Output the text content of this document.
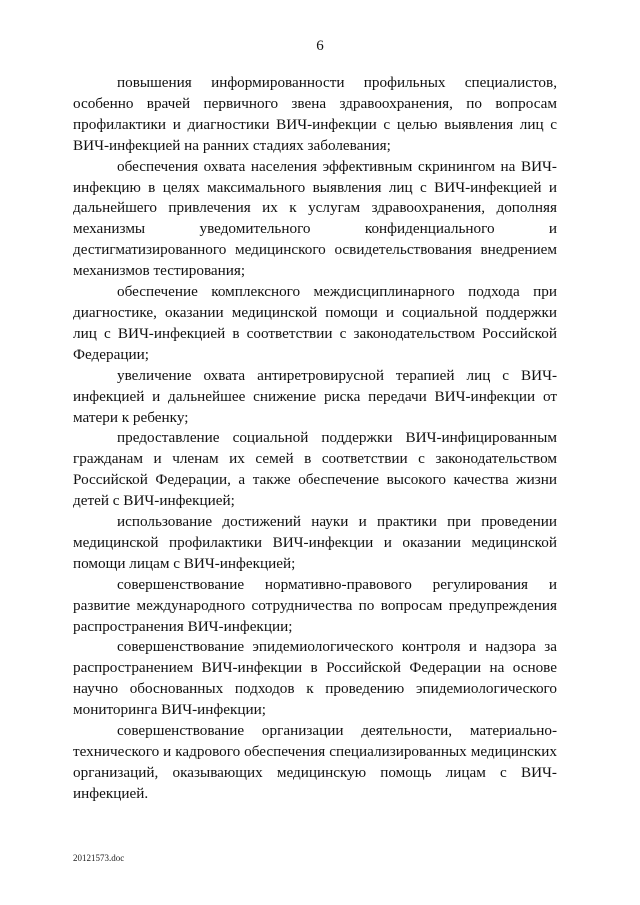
6

повышения информированности профильных специалистов, особенно врачей первичного звена здравоохранения, по вопросам профилактики и диагностики ВИЧ-инфекции с целью выявления лиц с ВИЧ-инфекцией на ранних стадиях заболевания;

обеспечения охвата населения эффективным скринингом на ВИЧ-инфекцию в целях максимального выявления лиц с ВИЧ-инфекцией и дальнейшего привлечения их к услугам здравоохранения, дополняя механизмы уведомительного конфиденциального и дестигматизированного медицинского освидетельствования внедрением механизмов тестирования;

обеспечение комплексного междисциплинарного подхода при диагностике, оказании медицинской помощи и социальной поддержки лиц с ВИЧ-инфекцией в соответствии с законодательством Российской Федерации;

увеличение охвата антиретровирусной терапией лиц с ВИЧ-инфекцией и дальнейшее снижение риска передачи ВИЧ-инфекции от матери к ребенку;

предоставление социальной поддержки ВИЧ-инфицированным гражданам и членам их семей в соответствии с законодательством Российской Федерации, а также обеспечение высокого качества жизни детей с ВИЧ-инфекцией;

использование достижений науки и практики при проведении медицинской профилактики ВИЧ-инфекции и оказании медицинской помощи лицам с ВИЧ-инфекцией;

совершенствование нормативно-правового регулирования и развитие международного сотрудничества по вопросам предупреждения распространения ВИЧ-инфекции;

совершенствование эпидемиологического контроля и надзора за распространением ВИЧ-инфекции в Российской Федерации на основе научно обоснованных подходов к проведению эпидемиологического мониторинга ВИЧ-инфекции;

совершенствование организации деятельности, материально-технического и кадрового обеспечения специализированных медицинских организаций, оказывающих медицинскую помощь лицам с ВИЧ-инфекцией.

20121573.doc
